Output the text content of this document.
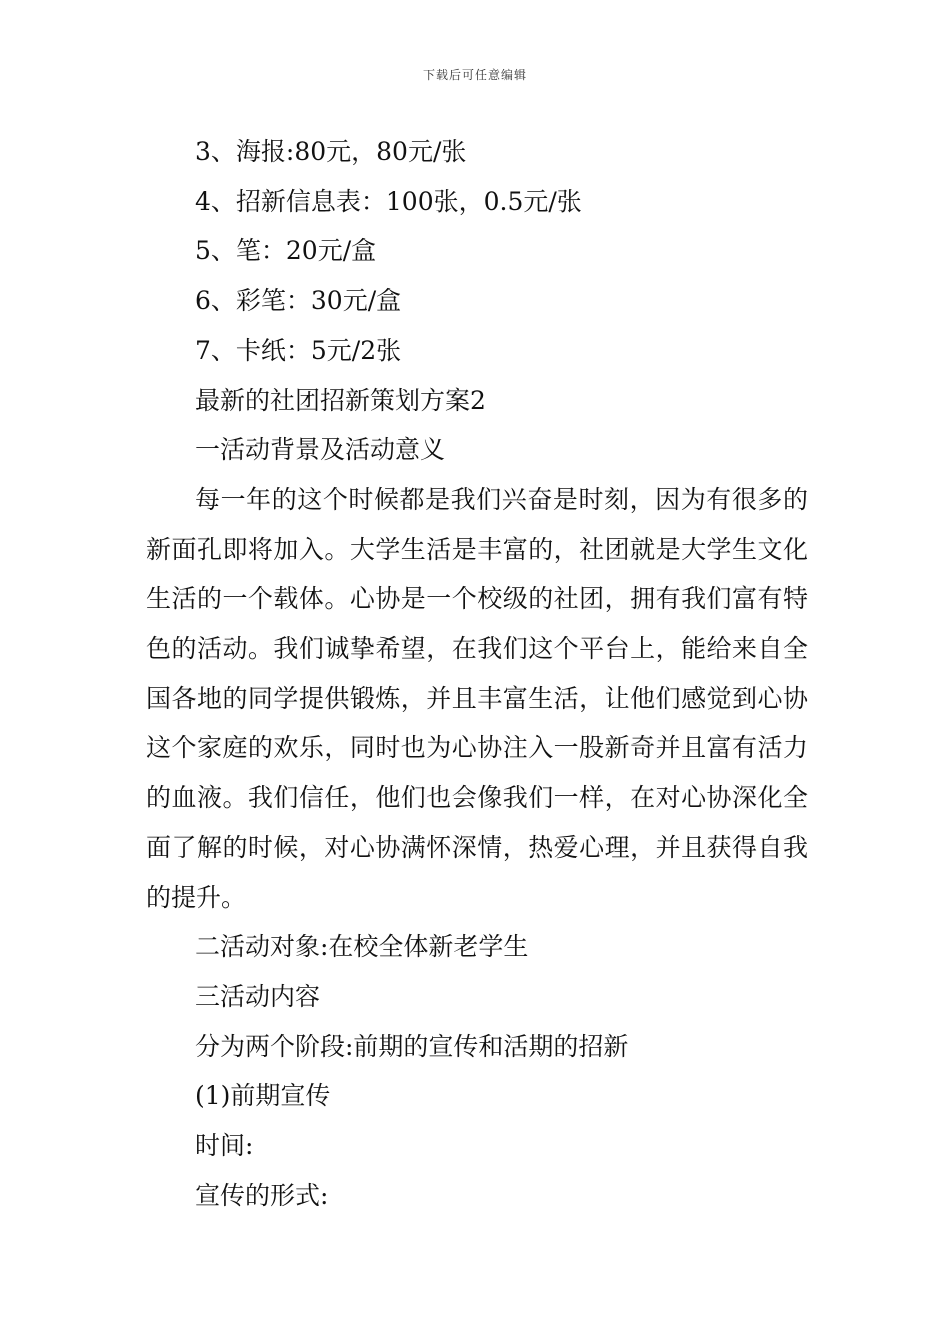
下载后可任意编辑
3、海报:80元，80元/张
4、招新信息表：100张，0.5元/张
5、笔：20元/盒
6、彩笔：30元/盒
7、卡纸：5元/2张
最新的社团招新策划方案2
一活动背景及活动意义
每一年的这个时候都是我们兴奋是时刻，因为有很多的新面孔即将加入。大学生活是丰富的，社团就是大学生文化生活的一个载体。心协是一个校级的社团，拥有我们富有特色的活动。我们诚挚希望，在我们这个平台上，能给来自全国各地的同学提供锻炼，并且丰富生活，让他们感觉到心协这个家庭的欢乐，同时也为心协注入一股新奇并且富有活力的血液。我们信任，他们也会像我们一样，在对心协深化全面了解的时候，对心协满怀深情，热爱心理，并且获得自我的提升。
二活动对象:在校全体新老学生
三活动内容
分为两个阶段:前期的宣传和活期的招新
(1)前期宣传
时间:
宣传的形式:
